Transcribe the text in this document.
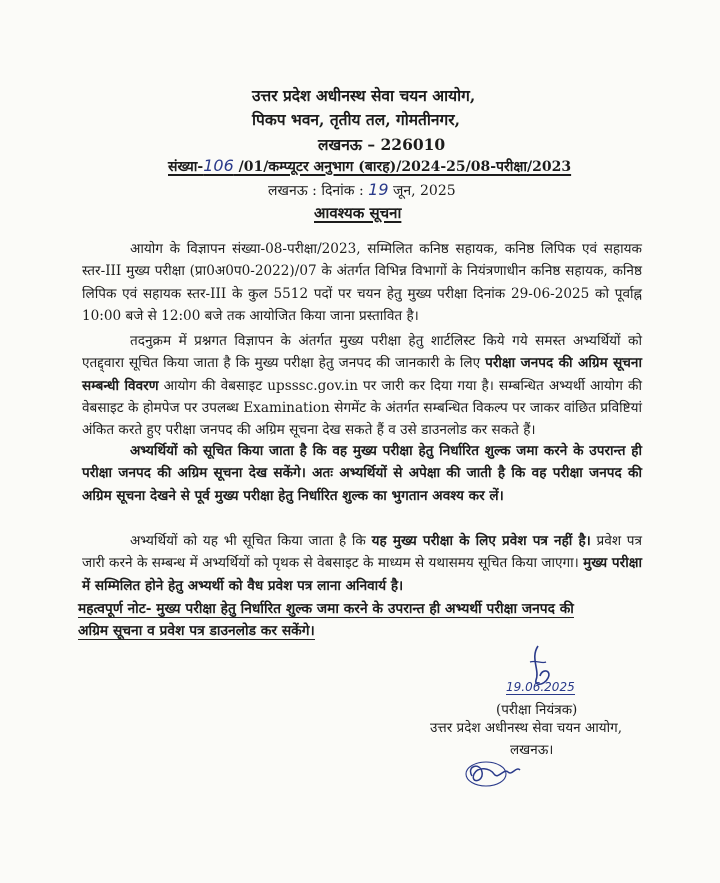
उत्तर प्रदेश अधीनस्थ सेवा चयन आयोग,
पिकप भवन, तृतीय तल, गोमतीनगर,
लखनऊ – 226010
संख्या-106 /01/कम्प्यूटर अनुभाग (बारह)/2024-25/08-परीक्षा/2023
लखनऊ : दिनांक : 19 जून, 2025
आवश्यक सूचना
आयोग के विज्ञापन संख्या-08-परीक्षा/2023, सम्मिलित कनिष्ठ सहायक, कनिष्ठ लिपिक एवं सहायक स्तर-III मुख्य परीक्षा (प्रा0अ0प0-2022)/07 के अंतर्गत विभिन्न विभागों के नियंत्रणाधीन कनिष्ठ सहायक, कनिष्ठ लिपिक एवं सहायक स्तर-III के कुल 5512 पदों पर चयन हेतु मुख्य परीक्षा दिनांक 29-06-2025 को पूर्वाह्न 10:00 बजे से 12:00 बजे तक आयोजित किया जाना प्रस्तावित है।
तदनुक्रम में प्रश्नगत विज्ञापन के अंतर्गत मुख्य परीक्षा हेतु शार्टलिस्ट किये गये समस्त अभ्यर्थियों को एतद्द्वारा सूचित किया जाता है कि मुख्य परीक्षा हेतु जनपद की जानकारी के लिए परीक्षा जनपद की अग्रिम सूचना सम्बन्धी विवरण आयोग की वेबसाइट upsssc.gov.in पर जारी कर दिया गया है। सम्बन्धित अभ्यर्थी आयोग की वेबसाइट के होमपेज पर उपलब्ध Examination सेगमेंट के अंतर्गत सम्बन्धित विकल्प पर जाकर वांछित प्रविष्टियां अंकित करते हुए परीक्षा जनपद की अग्रिम सूचना देख सकते हैं व उसे डाउनलोड कर सकते हैं।
अभ्यर्थियों को सूचित किया जाता है कि वह मुख्य परीक्षा हेतु निर्धारित शुल्क जमा करने के उपरान्त ही परीक्षा जनपद की अग्रिम सूचना देख सकेंगे। अतः अभ्यर्थियों से अपेक्षा की जाती है कि वह परीक्षा जनपद की अग्रिम सूचना देखने से पूर्व मुख्य परीक्षा हेतु निर्धारित शुल्क का भुगतान अवश्य कर लें।
अभ्यर्थियों को यह भी सूचित किया जाता है कि यह मुख्य परीक्षा के लिए प्रवेश पत्र नहीं है। प्रवेश पत्र जारी करने के सम्बन्ध में अभ्यर्थियों को पृथक से वेबसाइट के माध्यम से यथासमय सूचित किया जाएगा। मुख्य परीक्षा में सम्मिलित होने हेतु अभ्यर्थी को वैध प्रवेश पत्र लाना अनिवार्य है।
महत्वपूर्ण नोट- मुख्य परीक्षा हेतु निर्धारित शुल्क जमा करने के उपरान्त ही अभ्यर्थी परीक्षा जनपद की
अग्रिम सूचना व प्रवेश पत्र डाउनलोड कर सकेंगे।
19.06.2025
(परीक्षा नियंत्रक)
उत्तर प्रदेश अधीनस्थ सेवा चयन आयोग,
लखनऊ।
